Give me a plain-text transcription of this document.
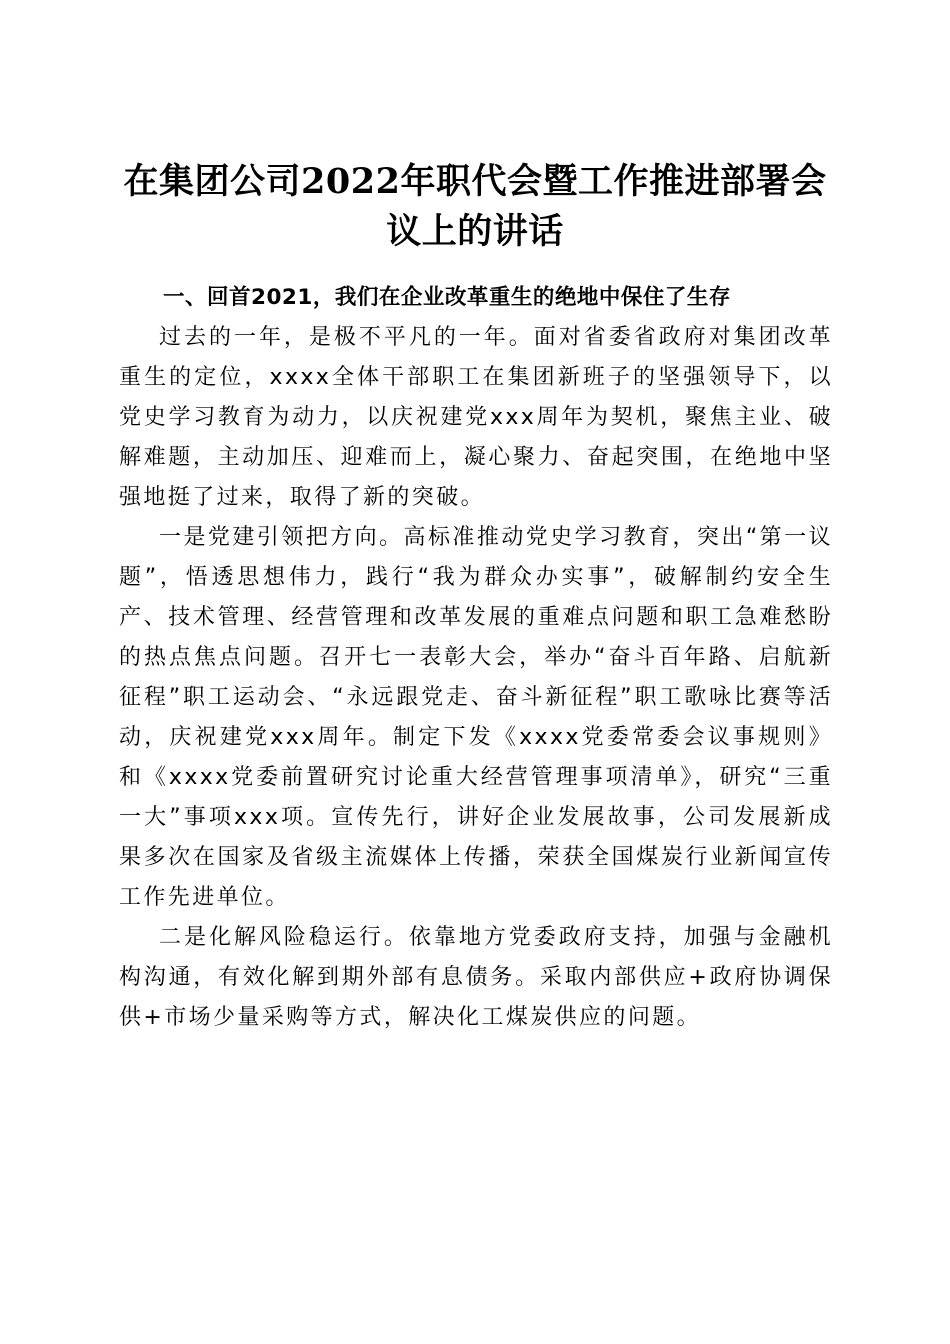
在集团公司2022年职代会暨工作推进部署会
议上的讲话

一、回首2021，我们在企业改革重生的绝地中保住了生存

过去的一年，是极不平凡的一年。面对省委省政府对集团改革重生的定位，xxxx全体干部职工在集团新班子的坚强领导下，以党史学习教育为动力，以庆祝建党xxx周年为契机，聚焦主业、破解难题，主动加压、迎难而上，凝心聚力、奋起突围，在绝地中坚强地挺了过来，取得了新的突破。

一是党建引领把方向。高标准推动党史学习教育，突出“第一议题”，悟透思想伟力，践行“我为群众办实事”，破解制约安全生产、技术管理、经营管理和改革发展的重难点问题和职工急难愁盼的热点焦点问题。召开七一表彰大会，举办“奋斗百年路、启航新征程”职工运动会、“永远跟党走、奋斗新征程”职工歌咏比赛等活动，庆祝建党xxx周年。制定下发《xxxx党委常委会议事规则》和《xxxx党委前置研究讨论重大经营管理事项清单》，研究“三重一大”事项xxx项。宣传先行，讲好企业发展故事，公司发展新成果多次在国家及省级主流媒体上传播，荣获全国煤炭行业新闻宣传工作先进单位。

二是化解风险稳运行。依靠地方党委政府支持，加强与金融机构沟通，有效化解到期外部有息债务。采取内部供应+政府协调保供+市场少量采购等方式，解决化工煤炭供应的问题。
